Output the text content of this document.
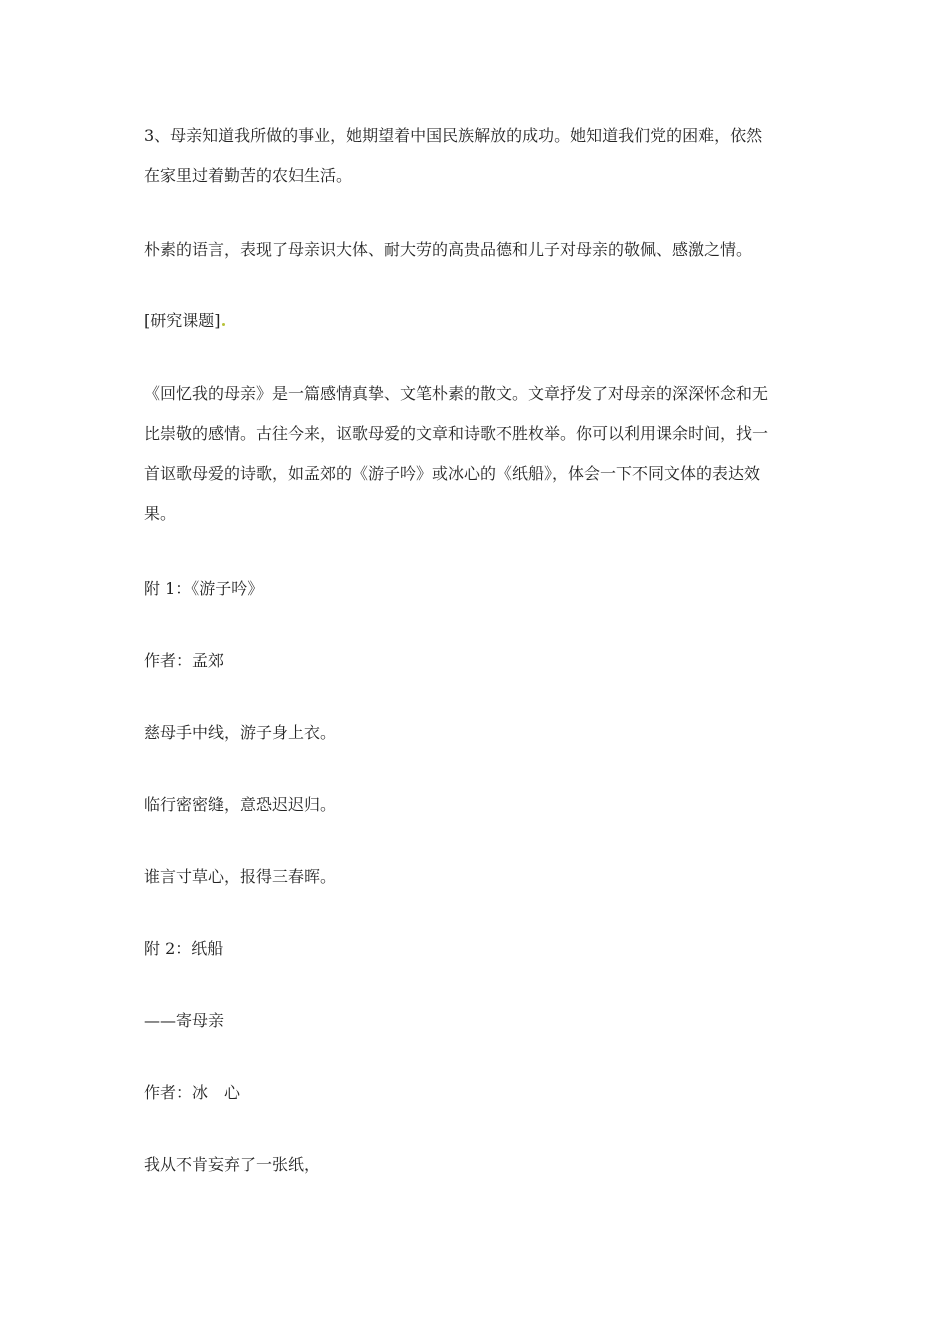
3、母亲知道我所做的事业，她期望着中国民族解放的成功。她知道我们党的困难，依然
在家里过着勤苦的农妇生活。
朴素的语言，表现了母亲识大体、耐大劳的高贵品德和儿子对母亲的敬佩、感激之情。
[研究课题]
《回忆我的母亲》是一篇感情真挚、文笔朴素的散文。文章抒发了对母亲的深深怀念和无
比崇敬的感情。古往今来，讴歌母爱的文章和诗歌不胜枚举。你可以利用课余时间，找一
首讴歌母爱的诗歌，如孟郊的《游子吟》或冰心的《纸船》，体会一下不同文体的表达效
果。
附 1：《游子吟》
作者：孟郊
慈母手中线，游子身上衣。
临行密密缝，意恐迟迟归。
谁言寸草心，报得三春晖。
附 2：纸船
——寄母亲
作者：冰　心
我从不肯妄弃了一张纸，
